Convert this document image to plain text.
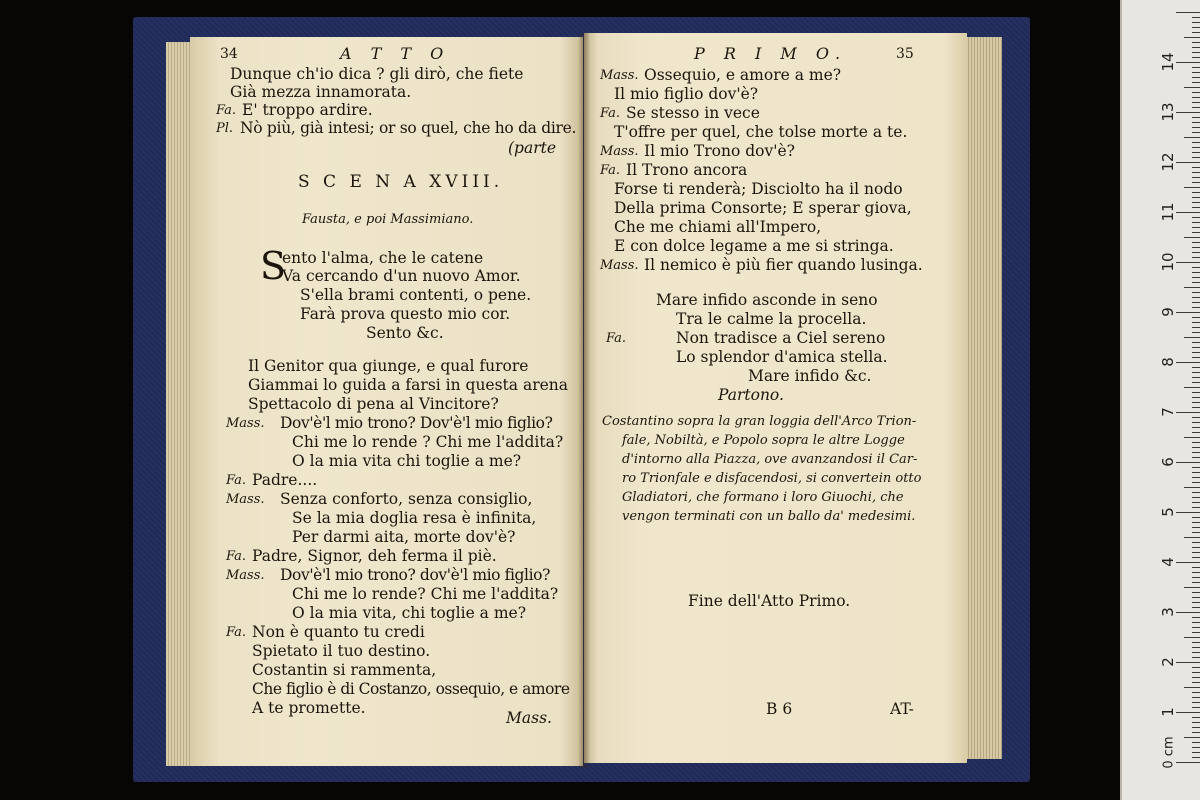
34	A T T O
Dunque ch'io dica ? gli dirò, che fiete
Già mezza innamorata.
Fa. E' troppo ardire.
Pl. Nò più, già intesi; or so quel, che ho da dire.
(parte
S C E N A XVIII.
Fausta, e poi Massimiano.
S
ento l'alma, che le catene
Va cercando d'un nuovo Amor.
S'ella brami contenti, o pene.
Farà prova questo mio cor.
Sento &c.
Il Genitor qua giunge, e qual furore
Giammai lo guida a farsi in questa arena
Spettacolo di pena al Vincitore?
Mass. Dov'è'l mio trono? Dov'è'l mio figlio?
Chi me lo rende ? Chi me l'addita?
O la mia vita chi toglie a me?
Fa. Padre....
Mass. Senza conforto, senza consiglio,
Se la mia doglia resa è infinita,
Per darmi aita, morte dov'è?
Fa. Padre, Signor, deh ferma il piè.
Mass. Dov'è'l mio trono? dov'è'l mio figlio?
Chi me lo rende? Chi me l'addita?
O la mia vita, chi toglie a me?
Fa. Non è quanto tu credi
Spietato il tuo destino.
Costantin si rammenta,
Che figlio è di Costanzo, ossequio, e amore
A te promette.
Mass.
P R I M O.	35
Mass. Ossequio, e amore a me?
Il mio figlio dov'è?
Fa. Se stesso in vece
T'offre per quel, che tolse morte a te.
Mass. Il mio Trono dov'è?
Fa. Il Trono ancora
Forse ti renderà; Disciolto ha il nodo
Della prima Consorte; E sperar giova,
Che me chiami all'Impero,
E con dolce legame a me si stringa.
Mass. Il nemico è più fier quando lusinga.
Mare infido asconde in seno
Tra le calme la procella.
Fa.	Non tradisce a Ciel sereno
Lo splendor d'amica stella.
Mare infido &c.
Partono.
Costantino sopra la gran loggia dell'Arco Trion-
fale, Nobiltà, e Popolo sopra le altre Logge
d'intorno alla Piazza, ove avanzandosi il Car-
ro Trionfale e disfacendosi, si convertein otto
Gladiatori, che formano i loro Giuochi, che
vengon terminati con un ballo da' medesimi.
Fine dell'Atto Primo.
B 6	AT-
0 cm
1
2
3
4
5
6
7
8
9
10
11
12
13
14
